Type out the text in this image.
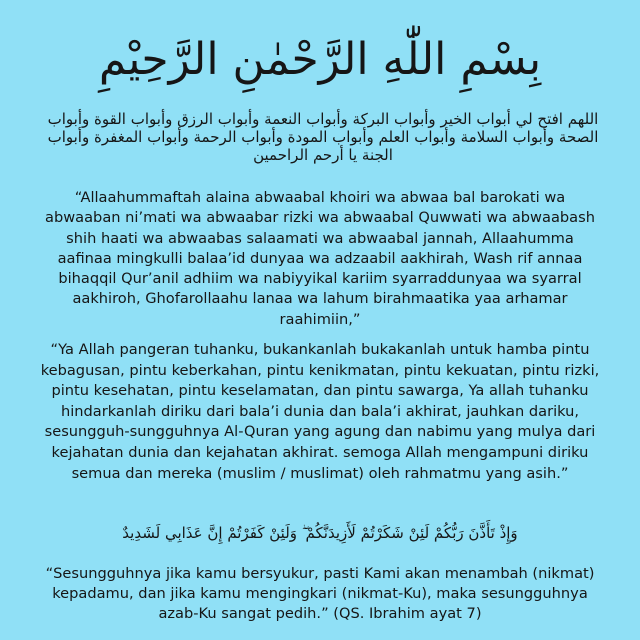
بِسْمِ اللّٰهِ الرَّحْمٰنِ الرَّحِيْمِ
اللهم افتح لي أبواب الخير وأبواب البركة وأبواب النعمة وأبواب الرزق وأبواب القوة وأبواب الصحة وأبواب السلامة وأبواب العلم وأبواب المودة وأبواب الرحمة وأبواب المغفرة وأبواب الجنة يا أرحم الراحمين
“Allaahummaftah alaina abwaabal khoiri wa abwaa bal barokati wa abwaaban ni’mati wa abwaabar rizki wa abwaabal Quwwati wa abwaabash shih haati wa abwaabas salaamati wa abwaabal jannah, Allaahumma aafinaa mingkulli balaa’id dunyaa wa adzaabil aakhirah, Wash rif annaa bihaqqil Qur’anil adhiim wa nabiyyikal kariim syarraddunyaa wa syarral aakhiroh, Ghofarollaahu lanaa wa lahum birahmaatika yaa arhamar raahimiin,”
“Ya Allah pangeran tuhanku, bukankanlah bukakanlah untuk hamba pintu kebagusan, pintu keberkahan, pintu kenikmatan, pintu kekuatan, pintu rizki, pintu kesehatan, pintu keselamatan, dan pintu sawarga, Ya allah tuhanku hindarkanlah diriku dari bala’i dunia dan bala’i akhirat, jauhkan dariku, sesungguh-sungguhnya Al-Quran yang agung dan nabimu yang mulya dari kejahatan dunia dan kejahatan akhirat. semoga Allah mengampuni diriku semua dan mereka (muslim / muslimat) oleh rahmatmu yang asih.”
وَإِذْ تَأَذَّنَ رَبُّكُمْ لَئِنْ شَكَرْتُمْ لَأَزِيدَنَّكُمْ ۖ وَلَئِنْ كَفَرْتُمْ إِنَّ عَذَابِي لَشَدِيدٌ
“Sesungguhnya jika kamu bersyukur, pasti Kami akan menambah (nikmat) kepadamu, dan jika kamu mengingkari (nikmat-Ku), maka sesungguhnya azab-Ku sangat pedih.” (QS. Ibrahim ayat 7)
